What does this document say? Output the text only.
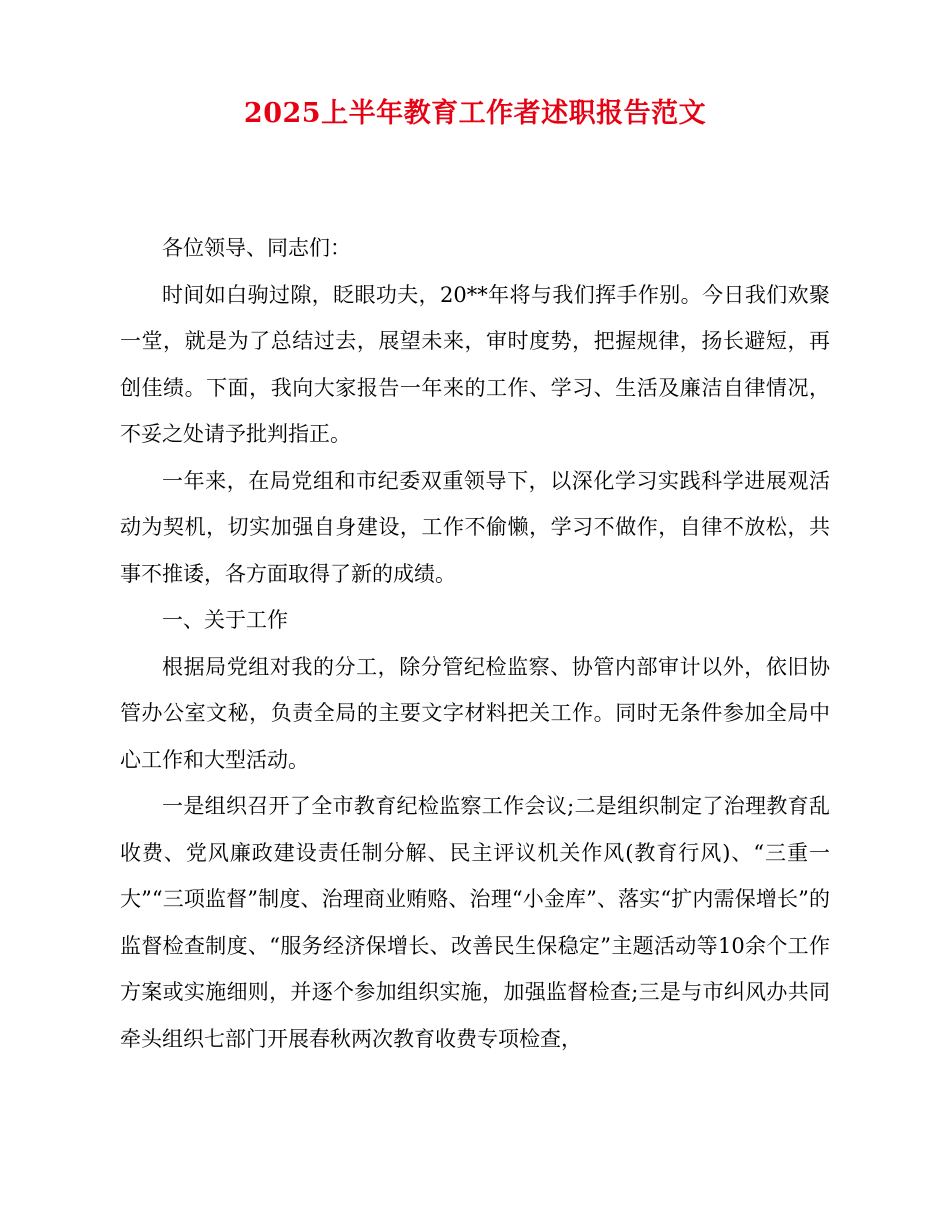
2025上半年教育工作者述职报告范文

各位领导、同志们：

时间如白驹过隙，眨眼功夫，20**年将与我们挥手作别。今日我们欢聚一堂，就是为了总结过去，展望未来，审时度势，把握规律，扬长避短，再创佳绩。下面，我向大家报告一年来的工作、学习、生活及廉洁自律情况，不妥之处请予批判指正。

一年来，在局党组和市纪委双重领导下，以深化学习实践科学进展观活动为契机，切实加强自身建设，工作不偷懒，学习不做作，自律不放松，共事不推诿，各方面取得了新的成绩。

一、关于工作

根据局党组对我的分工，除分管纪检监察、协管内部审计以外，依旧协管办公室文秘，负责全局的主要文字材料把关工作。同时无条件参加全局中心工作和大型活动。

一是组织召开了全市教育纪检监察工作会议;二是组织制定了治理教育乱收费、党风廉政建设责任制分解、民主评议机关作风(教育行风)、“三重一大”“三项监督”制度、治理商业贿赂、治理“小金库”、落实“扩内需保增长”的监督检查制度、“服务经济保增长、改善民生保稳定”主题活动等10余个工作方案或实施细则，并逐个参加组织实施，加强监督检查;三是与市纠风办共同牵头组织七部门开展春秋两次教育收费专项检查，
